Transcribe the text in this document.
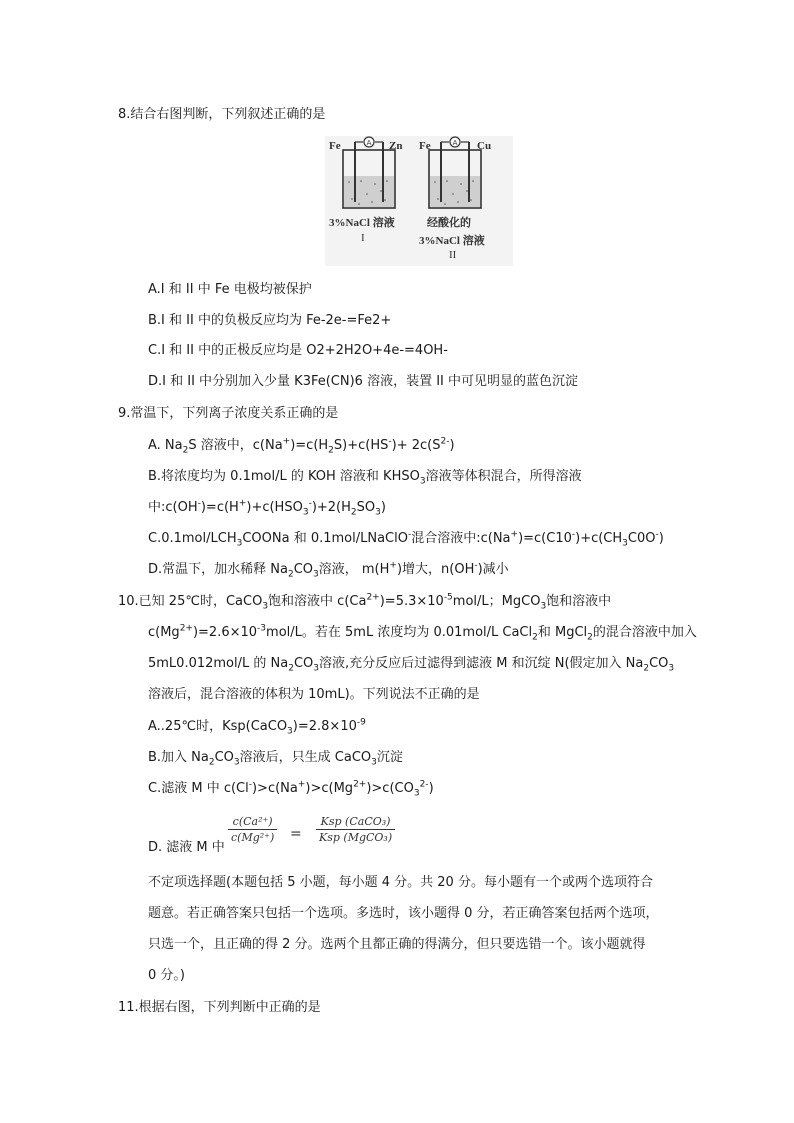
8.结合右图判断，下列叙述正确的是
A	A
Fe	Zn Fe	Cu
3%NaCl 溶液
I
经酸化的
3%NaCl 溶液
II
A.I 和 II 中 Fe 电极均被保护
B.I 和 II 中的负极反应均为 Fe-2e-=Fe2+
C.I 和 II 中的正极反应均是 O2+2H2O+4e-=4OH-
D.I 和 II 中分别加入少量 K3Fe(CN)6 溶液，装置 II 中可见明显的蓝色沉淀
9.常温下，下列离子浓度关系正确的是
A. $Na_2S$ 溶液中，$c(Na^+)=c(H_2S)+c(HS^-)+ 2c(S^{2-})$
B.将浓度均为 0.1mol/L 的 KOH 溶液和 $KHSO_3$溶液等体积混合，所得溶液
中$:c(OH^-)=c(H^+)+c(HSO_3^-)+2(H_2SO_3)$
$C.0.1mol/LCH_3COONa$ 和 0.1mol/LNaClO-混合溶液中$:c(Na^+)=c(C10^-)+c(CH_3C0O^-)$
D.常温下，加水稀释 $Na_2CO_3$溶液， m(H+)增大，n(OH-)减小
10.已知 25℃时，CaCO$_3$饱和溶液中 $c(Ca^{2+})=5.3\times 10^{-5}mol/L$；MgCO$_3$饱和溶液中
$c(Mg^{2+})=2.6\times 10^{-3}mol/L$。若在 5mL 浓度均为 0.01mol/L CaCl$_2$和 MgCl$_2$的混合溶液中加入
5mL0.012mol/L 的 $Na_2CO_3$溶液,充分反应后过滤得到滤液 M 和沉绽 N(假定加入 $Na_2CO_3$
溶液后，混合溶液的体积为 10mL)。下列说法不正确的是
A..25℃时，$Ksp(CaCO_3)=2.8\times 10^{-9}$
B.加入 $Na_2CO_3$溶液后，只生成 CaCO$_3$沉淀
C.滤液 M 中 $c(Cl^-)>c(Na^+)>c(Mg^{2+})>c(CO_3^{2-})$
D. 滤液 M 中
$\frac{\text{c(Ca²⁺)}}{\text{c(Mg²⁺)}}$ =
Ksp (CaCO₃)
Ksp (MgCO₃)
不定项选择题(本题包括 5 小题，每小题 4 分。共 20 分。每小题有一个或两个选项符合
题意。若正确答案只包括一个选项。多选时，该小题得 0 分，若正确答案包括两个选项，
只选一个，且正确的得 2 分。选两个且都正确的得满分，但只要选错一个。该小题就得
0 分。)
11.根据右图，下列判断中正确的是
